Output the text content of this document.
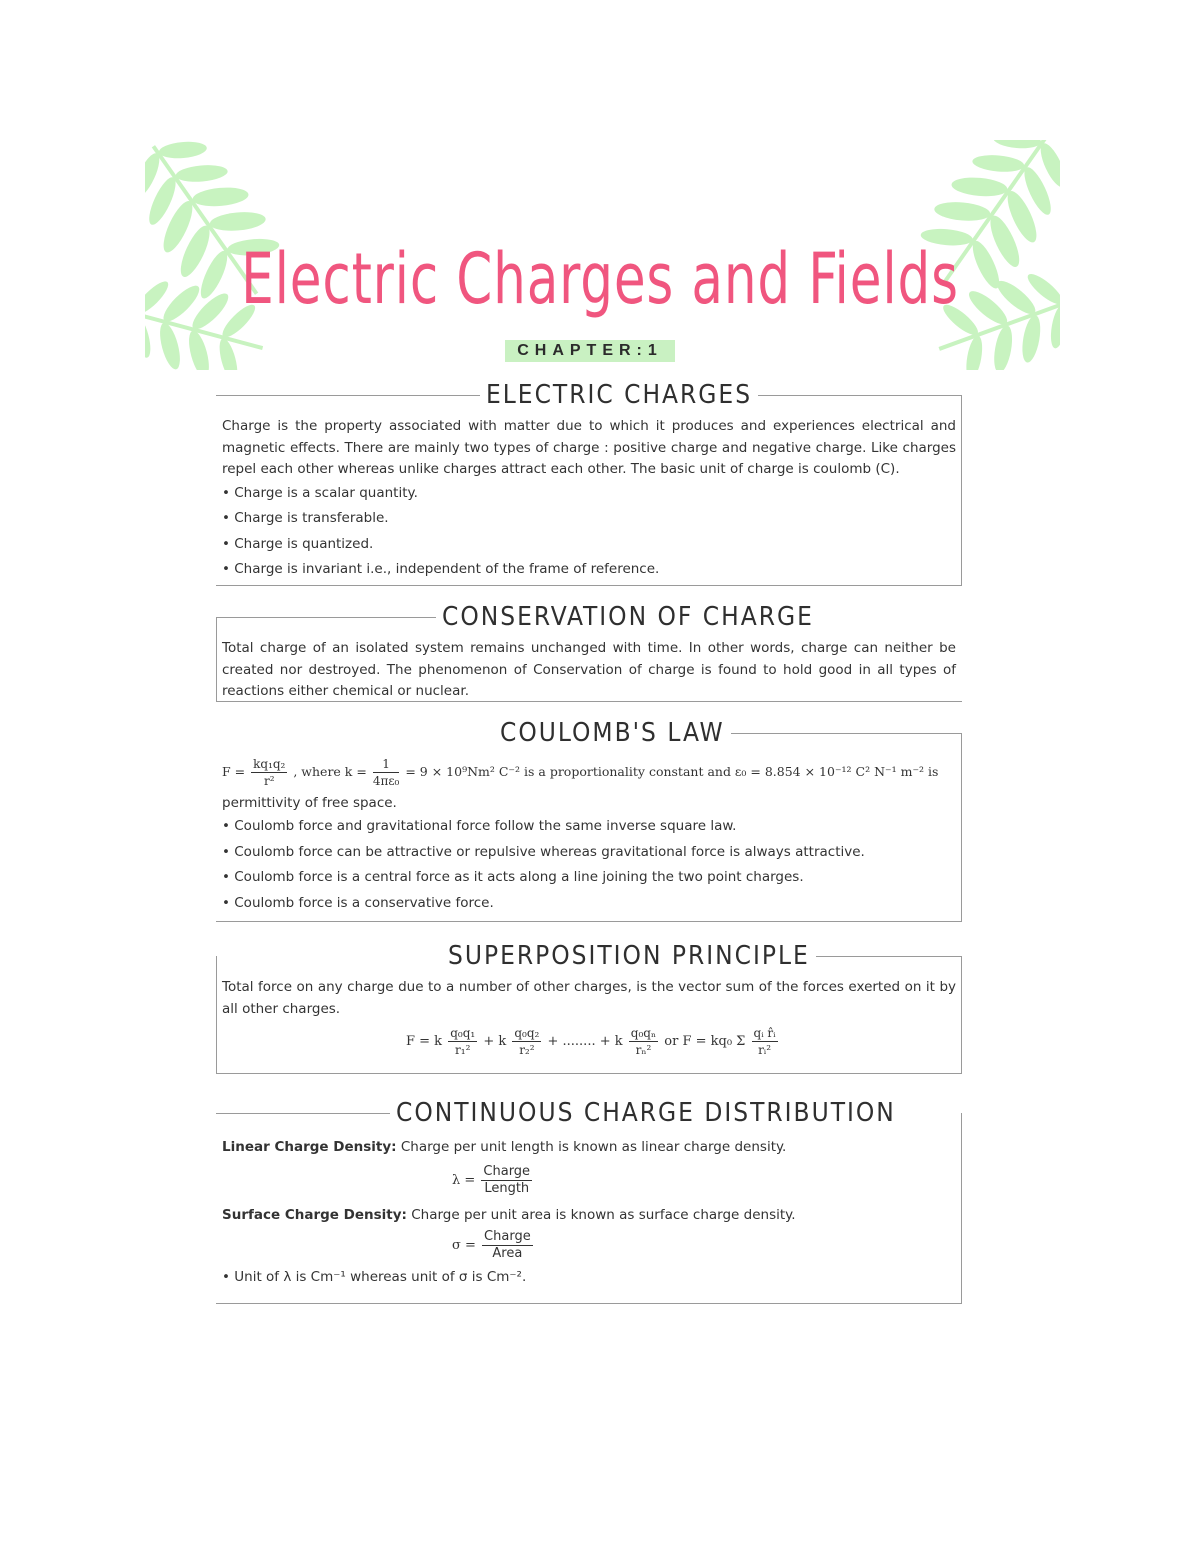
Electric Charges and Fields
CHAPTER:1
ELECTRIC CHARGES

Charge is the property associated with matter due to which it produces and experiences electrical and magnetic effects. There are mainly two types of charge : positive charge and negative charge. Like charges repel each other whereas unlike charges attract each other. The basic unit of charge is coulomb (C).

• Charge is a scalar quantity.
• Charge is transferable.
• Charge is quantized.
• Charge is invariant i.e., independent of the frame of reference.
CONSERVATION OF CHARGE

Total charge of an isolated system remains unchanged with time. In other words, charge can neither be created nor destroyed. The phenomenon of Conservation of charge is found to hold good in all types of reactions either chemical or nuclear.

COULOMB'S LAW
$F = \frac{\text{kq₁q₂}}{\text{r²}}$ , where $k = \frac{1}{\text{4πε₀}} = 9 \times 10^9Nm^2$ C⁻² is a proportionality constant and ε₀ = 8.854 × 10⁻¹² C² N⁻¹ m⁻² is
permittivity of free space.
• Coulomb force and gravitational force follow the same inverse square law.
• Coulomb force can be attractive or repulsive whereas gravitational force is always attractive.
• Coulomb force is a central force as it acts along a line joining the two point charges.
• Coulomb force is a conservative force.
SUPERPOSITION PRINCIPLE

Total force on any charge due to a number of other charges, is the vector sum of the forces exerted on it by all other charges.

F = k $\frac{\text{q₀q₁}}{\text{r₁²}} + k \frac{\text{q₀q₂}}{\text{r₂²}}$ + ........ + k $\frac{\text{q₀qₙ}}{\text{rₙ²}}$ or F = kq₀ Σ $\frac{\text{qᵢ r̂ᵢ}}{\text{rᵢ²}}$
CONTINUOUS CHARGE DISTRIBUTION
Linear Charge Density: Charge per unit length is known as linear charge density.
$\lambda = \frac{\text{Charge}}{\text{Length}}$
Surface Charge Density: Charge per unit area is known as surface charge density.
$\sigma = \frac{\text{Charge}}{\text{Area}}$
• Unit of λ is Cm⁻¹ whereas unit of σ is Cm⁻².
